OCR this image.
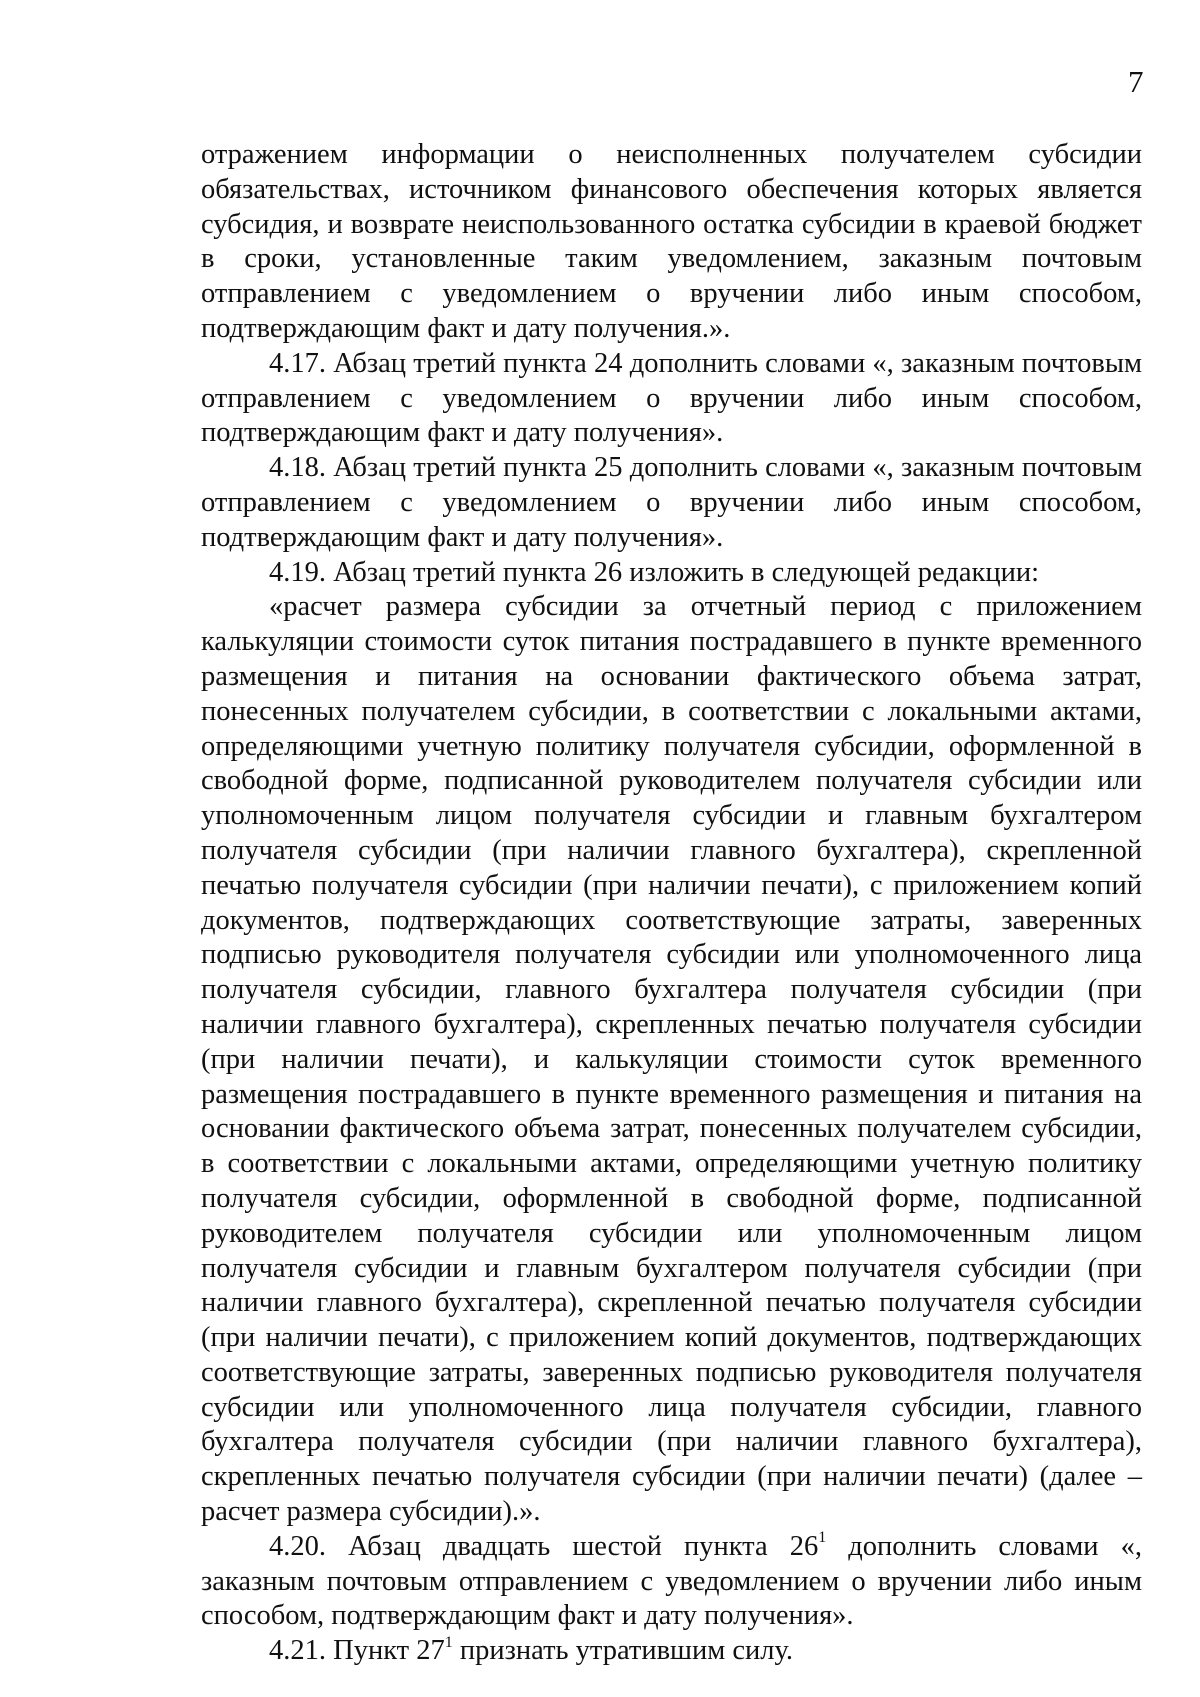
7

отражением информации о неисполненных получателем субсидии обязательствах, источником финансового обеспечения которых является субсидия, и возврате неиспользованного остатка субсидии в краевой бюджет в сроки, установленные таким уведомлением, заказным почтовым отправлением с уведомлением о вручении либо иным способом, подтверждающим факт и дату получения.».

4.17. Абзац третий пункта 24 дополнить словами «, заказным почтовым отправлением с уведомлением о вручении либо иным способом, подтверждающим факт и дату получения».

4.18. Абзац третий пункта 25 дополнить словами «, заказным почтовым отправлением с уведомлением о вручении либо иным способом, подтверждающим факт и дату получения».

4.19. Абзац третий пункта 26 изложить в следующей редакции:

«расчет размера субсидии за отчетный период с приложением калькуляции стоимости суток питания пострадавшего в пункте временного размещения и питания на основании фактического объема затрат, понесенных получателем субсидии, в соответствии с локальными актами, определяющими учетную политику получателя субсидии, оформленной в свободной форме, подписанной руководителем получателя субсидии или уполномоченным лицом получателя субсидии и главным бухгалтером получателя субсидии (при наличии главного бухгалтера), скрепленной печатью получателя субсидии (при наличии печати), с приложением копий документов, подтверждающих соответствующие затраты, заверенных подписью руководителя получателя субсидии или уполномоченного лица получателя субсидии, главного бухгалтера получателя субсидии (при наличии главного бухгалтера), скрепленных печатью получателя субсидии (при наличии печати), и калькуляции стоимости суток временного размещения пострадавшего в пункте временного размещения и питания на основании фактического объема затрат, понесенных получателем субсидии, в соответствии с локальными актами, определяющими учетную политику получателя субсидии, оформленной в свободной форме, подписанной руководителем получателя субсидии или уполномоченным лицом получателя субсидии и главным бухгалтером получателя субсидии (при наличии главного бухгалтера), скрепленной печатью получателя субсидии (при наличии печати), с приложением копий документов, подтверждающих соответствующие затраты, заверенных подписью руководителя получателя субсидии или уполномоченного лица получателя субсидии, главного бухгалтера получателя субсидии (при наличии главного бухгалтера), скрепленных печатью получателя субсидии (при наличии печати) (далее – расчет размера субсидии).».

4.20. Абзац двадцать шестой пункта $26^1$ дополнить словами «, заказным почтовым отправлением с уведомлением о вручении либо иным способом, подтверждающим факт и дату получения».

4.21. Пункт $27^1$ признать утратившим силу.
